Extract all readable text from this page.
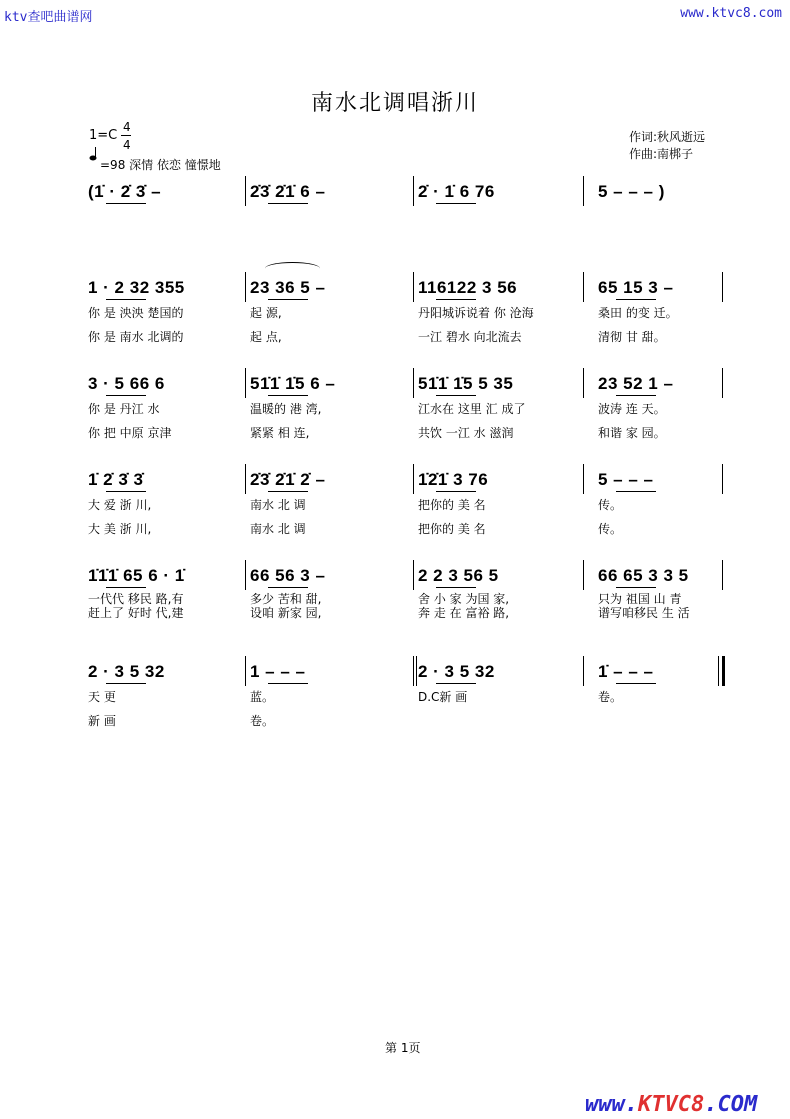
ktv查吧曲谱网	www.ktvc8.com
南水北调唱浙川
1=C
4
4
=98 深情 依恋 憧憬地
作词:秋风逝远
作曲:南梆子
(1̇ · 2̇ 3̇ –	2̇3̇ 2̇1̇ 6 –	2̇ · 1̇ 6 76	5 – – – )
1 · 2 32 355	23 36 5 –	116122 3 56	65 15 3 –
你 是 泱泱 楚国的	起 源,	丹阳城诉说着 你 沧海	桑田 的变 迁。
你 是 南水 北调的	起 点,	一江 碧水 向北流去	清彻 甘 甜。
3 · 5 66 6	51̇1̇ 1̇5 6 –	51̇1̇ 1̇5 5 35	23 52 1 –
你 是 丹江 水	温暖的 港 湾,	江水在 这里 汇 成了	波涛 连 天。
你 把 中原 京津	紧紧 相 连,	共饮 一江 水 滋润	和谐 家 园。
1̇ 2̇ 3̇ 3̇	2̇3̇ 2̇1̇ 2̇ –	1̇2̇1̇ 3 76	5 – – –
大 爱 浙 川,	南水 北 调	把你的 美 名	传。
大 美 浙 川,	南水 北 调	把你的 美 名	传。
1̇1̇1̇ 65 6 · 1̇	66 56 3 –	2 2 3 56 5	66 65 3 3 5
一代代 移民 路,有	多少 苦和 甜,	舍 小 家 为国 家,	只为 祖国 山 青
赶上了 好时 代,建	设咱 新家 园,	奔 走 在 富裕 路,	谱写咱移民 生 活
2 · 3 5 32	1 – – –	2 · 3 5 32	1̇ – – –
天 更	蓝。	D.C新 画	卷。
新 画	卷。
第 1页
www.KTVC8.COM
